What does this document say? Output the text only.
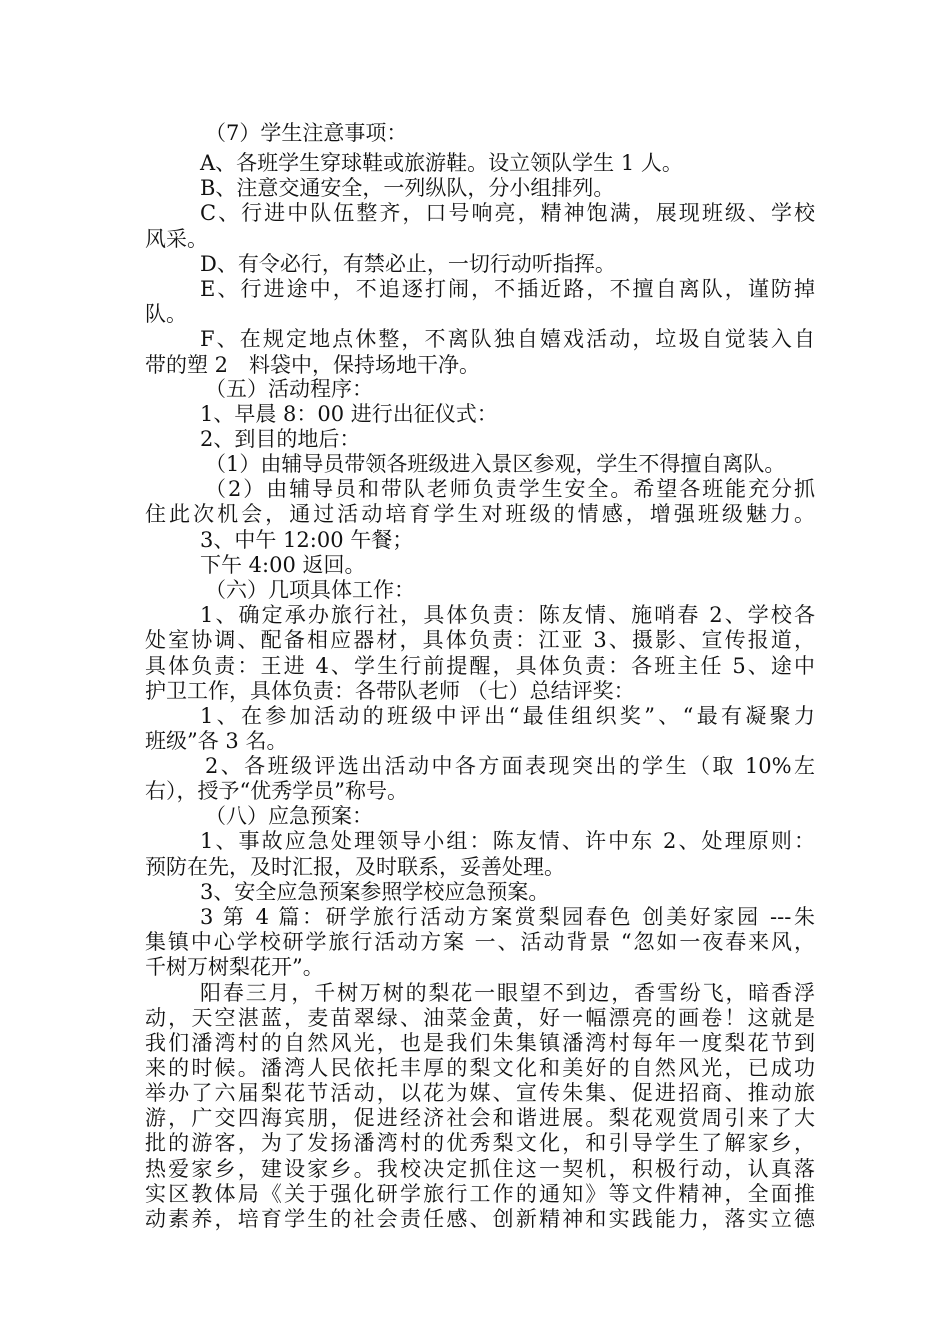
（7）学生注意事项：
A、各班学生穿球鞋或旅游鞋。设立领队学生 1 人。
B、注意交通安全，一列纵队，分小组排列。
C、行进中队伍整齐，口号响亮，精神饱满，展现班级、学校
风采。
D、有令必行，有禁必止，一切行动听指挥。
E、行进途中，不追逐打闹，不插近路，不擅自离队，谨防掉
队。
F、在规定地点休整，不离队独自嬉戏活动，垃圾自觉装入自
带的塑 2　料袋中，保持场地干净。
（五）活动程序：
1、早晨 8：00 进行出征仪式：
2、到目的地后：
（1）由辅导员带领各班级进入景区参观，学生不得擅自离队。
（2）由辅导员和带队老师负责学生安全。希望各班能充分抓
住此次机会，通过活动培育学生对班级的情感，增强班级魅力。
3、中午 12:00 午餐；
下午 4:00 返回。
（六）几项具体工作：
1、确定承办旅行社，具体负责：陈友情、施哨春 2、学校各
处室协调、配备相应器材，具体负责：江亚 3、摄影、宣传报道，
具体负责：王进 4、学生行前提醒，具体负责：各班主任 5、途中
护卫工作，具体负责：各带队老师 （七）总结评奖：
1、在参加活动的班级中评出“最佳组织奖”、“最有凝聚力
班级”各 3 名。
2、各班级评选出活动中各方面表现突出的学生（取 10%左
右），授予“优秀学员”称号。
（八）应急预案：
1、事故应急处理领导小组：陈友情、许中东 2、处理原则：
预防在先，及时汇报，及时联系，妥善处理。
3、安全应急预案参照学校应急预案。
3 第 4 篇：研学旅行活动方案赏梨园春色 创美好家园 ---朱
集镇中心学校研学旅行活动方案 一、活动背景 “忽如一夜春来风，
千树万树梨花开”。
阳春三月，千树万树的梨花一眼望不到边，香雪纷飞，暗香浮
动，天空湛蓝，麦苗翠绿、油菜金黄，好一幅漂亮的画卷！这就是
我们潘湾村的自然风光，也是我们朱集镇潘湾村每年一度梨花节到
来的时候。潘湾人民依托丰厚的梨文化和美好的自然风光，已成功
举办了六届梨花节活动，以花为媒、宣传朱集、促进招商、推动旅
游，广交四海宾朋，促进经济社会和谐进展。梨花观赏周引来了大
批的游客，为了发扬潘湾村的优秀梨文化，和引导学生了解家乡，
热爱家乡，建设家乡。我校决定抓住这一契机，积极行动，认真落
实区教体局《关于强化研学旅行工作的通知》等文件精神，全面推
动素养，培育学生的社会责任感、创新精神和实践能力，落实立德
